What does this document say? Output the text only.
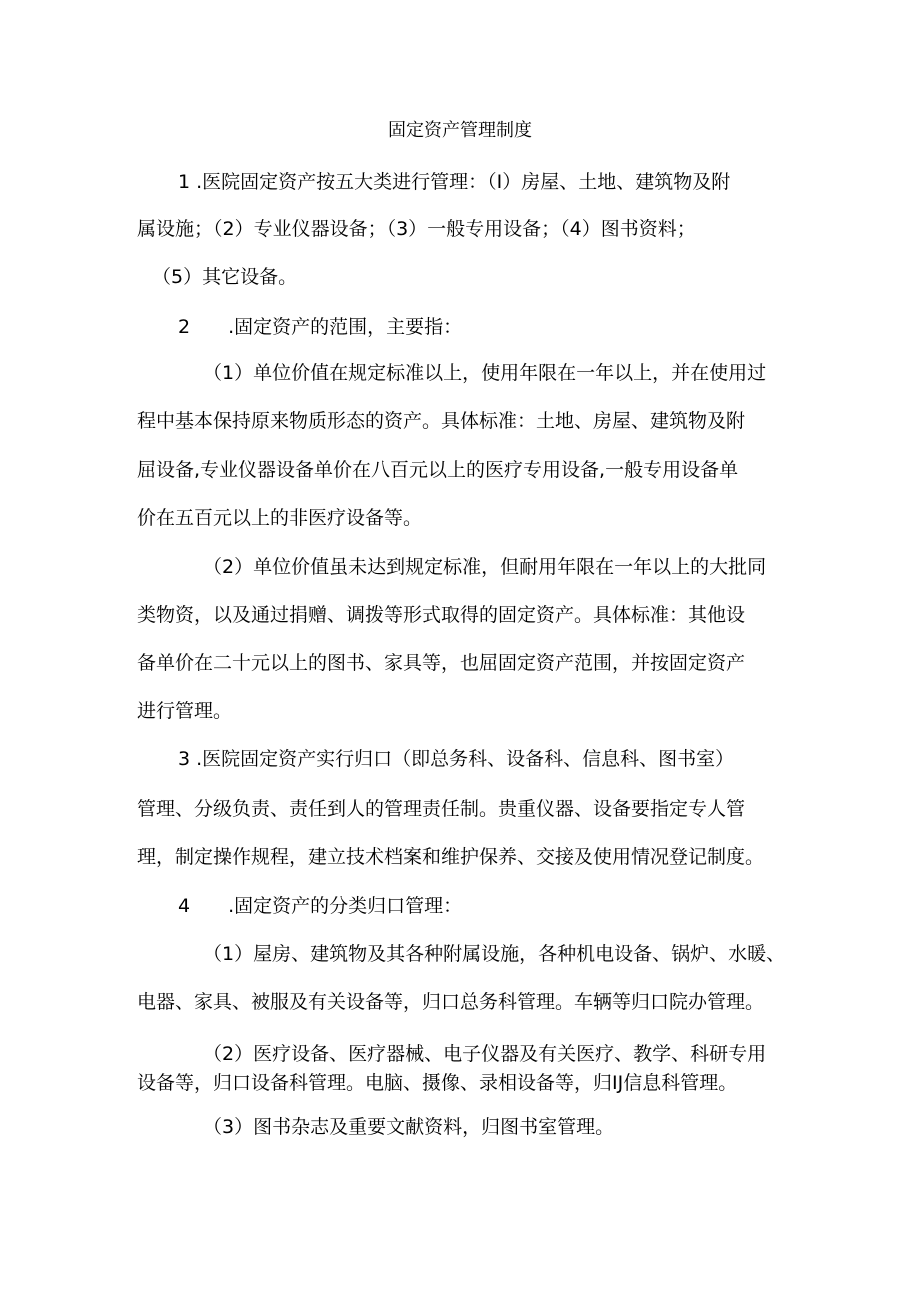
固定资产管理制度
1 .医院固定资产按五大类进行管理：（I）房屋、土地、建筑物及附
属设施；（2）专业仪器设备；（3）一般专用设备；（4）图书资料；
（5）其它设备。
2　　.固定资产的范围，主要指：
（1）单位价值在规定标准以上，使用年限在一年以上，并在使用过
程中基本保持原来物质形态的资产。具体标准：土地、房屋、建筑物及附
屈设备,专业仪器设备单价在八百元以上的医疗专用设备,一般专用设备单
价在五百元以上的非医疗设备等。
（2）单位价值虽未达到规定标准，但耐用年限在一年以上的大批同
类物资，以及通过捐赠、调拨等形式取得的固定资产。具体标准：其他设
备单价在二十元以上的图书、家具等，也屈固定资产范围，并按固定资产
进行管理。
3 .医院固定资产实行归口（即总务科、设备科、信息科、图书室）
管理、分级负责、责任到人的管理责任制。贵重仪器、设备要指定专人管
理，制定操作规程，建立技术档案和维护保养、交接及使用情况登记制度。
4　　.固定资产的分类归口管理：
（1）屋房、建筑物及其各种附属设施，各种机电设备、锅炉、水暖、
电器、家具、被服及有关设备等，归口总务科管理。车辆等归口院办管理。
（2）医疗设备、医疗器械、电子仪器及有关医疗、教学、科研专用
设备等，归口设备科管理。电脑、摄像、录相设备等，归IJ信息科管理。
（3）图书杂志及重要文献资料，归图书室管理。
